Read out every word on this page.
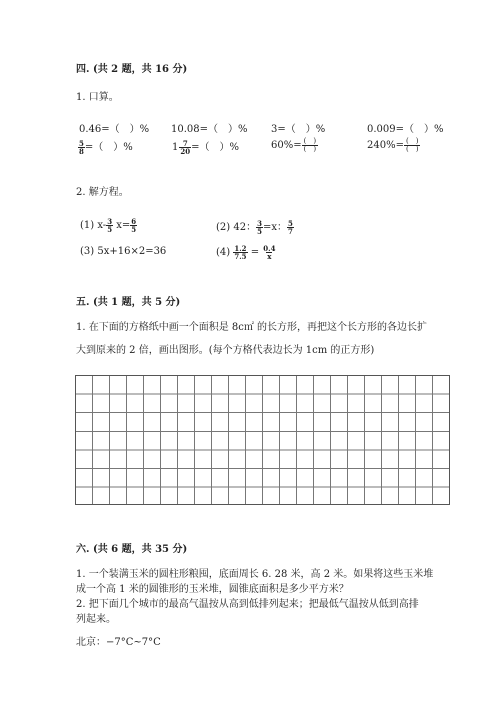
四. (共 2 题，共 16 分)
1. 口算。
0.46=（　）% 10.08=（　）% 3=（　）%	0.009=（　）%
$\frac{5}{8}$ =（　）%	$1 \frac{7}{20}$ =（　）%	$60\%= \frac{( )}{( )}$	$240\%= \frac{( )}{( )}$
2. 解方程。
(1) $x- \frac{3}{5} x= \frac{6}{5}$	(2) 42： $\frac{3}{5} =x$： $\frac{5}{7}$
(3) 5x+16×2=36	$(4) \frac{1.2}{7.5} = \frac{0.4}{x}$
五. (共 1 题，共 5 分)
1. 在下面的方格纸中画一个面积是 8c㎡ 的长方形，再把这个长方形的各边长扩
大到原来的 2 倍，画出图形。(每个方格代表边长为 1cm 的正方形)
六. (共 6 题，共 35 分)
1. 一个装满玉米的圆柱形粮囤，底面周长 6. 28 米，高 2 米。如果将这些玉米堆
成一个高 1 米的圆锥形的玉米堆，圆锥底面积是多少平方米？
2. 把下面几个城市的最高气温按从高到低排列起来；把最低气温按从低到高排
列起来。
北京：−7°C~7°C
